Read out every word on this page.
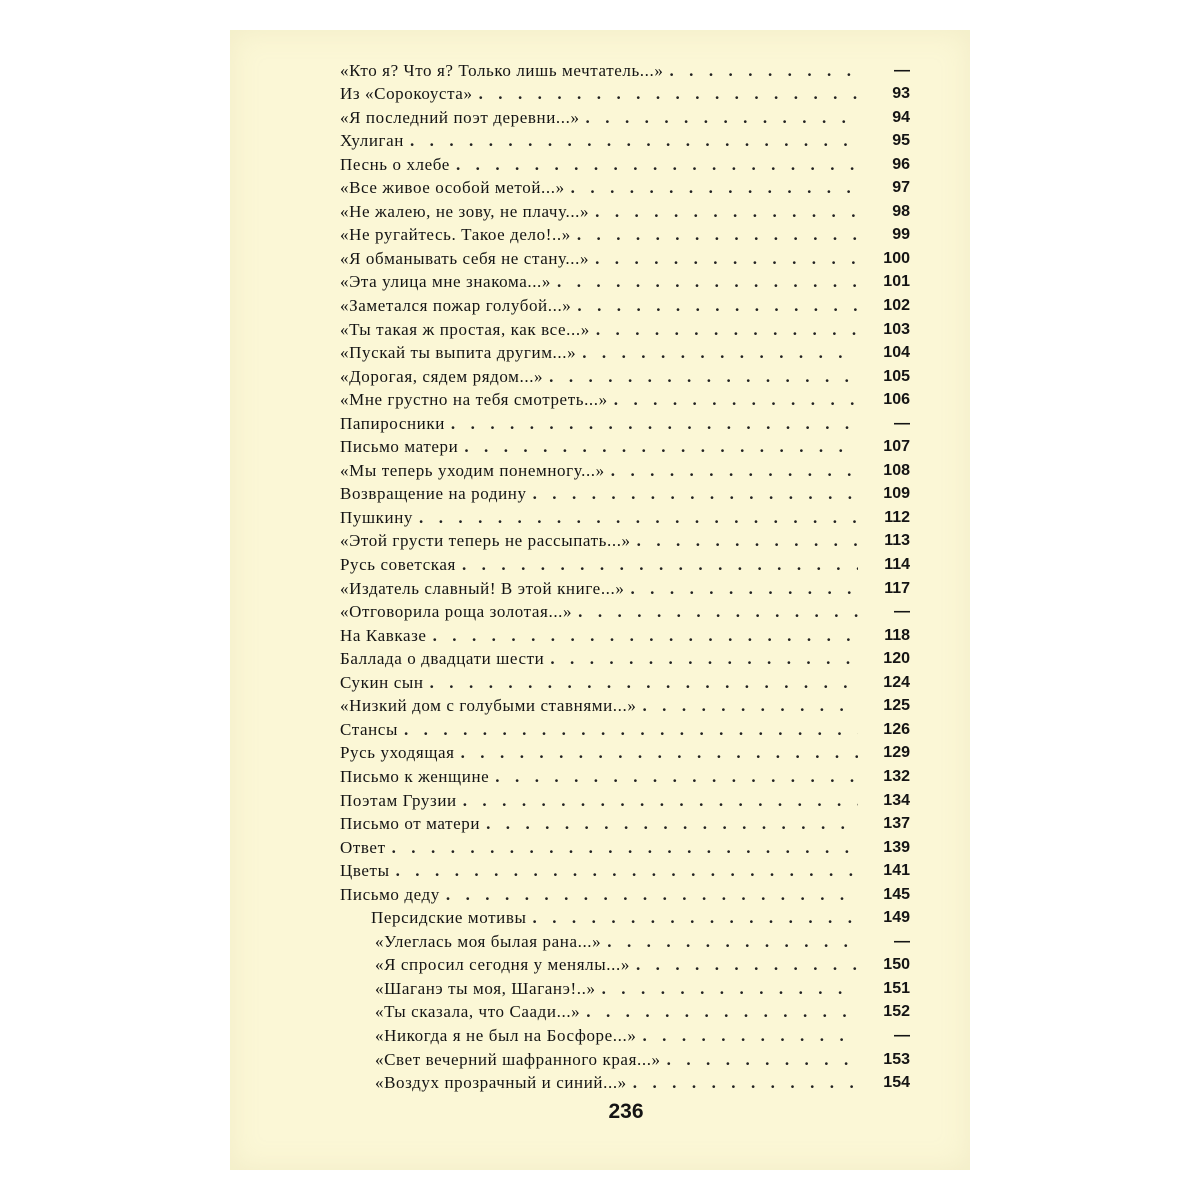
«Кто я? Что я? Только лишь мечтатель...» . . .	—
Из «Сорокоуста» . . .	93
«Я последний поэт деревни...» . . .	94
Хулиган . . .	95
Песнь о хлебе . . .	96
«Все живое особой метой...» . . .	97
«Не жалею, не зову, не плачу...» . . .	98
«Не ругайтесь. Такое дело!..» . . .	99
«Я обманывать себя не стану...» . . .	100
«Эта улица мне знакома...» . . .	101
«Заметался пожар голубой...» . . .	102
«Ты такая ж простая, как все...» . . .	103
«Пускай ты выпита другим...» . . .	104
«Дорогая, сядем рядом...» . . .	105
«Мне грустно на тебя смотреть...» . . .	106
Папиросники . . .	—
Письмо матери . . .	107
«Мы теперь уходим понемногу...» . . .	108
Возвращение на родину . . .	109
Пушкину . . .	112
«Этой грусти теперь не рассыпать...» . . .	113
Русь советская . . .	114
«Издатель славный! В этой книге...» . . .	117
«Отговорила роща золотая...» . . .	—
На Кавказе . . .	118
Баллада о двадцати шести . . .	120
Сукин сын . . .	124
«Низкий дом с голубыми ставнями...» . . .	125
Стансы . . .	126
Русь уходящая . . .	129
Письмо к женщине . . .	132
Поэтам Грузии . . .	134
Письмо от матери . . .	137
Ответ . . .	139
Цветы . . .	141
Письмо деду . . .	145
Персидские мотивы . . .	149
«Улеглась моя былая рана...» . . .	—
«Я спросил сегодня у менялы...» . . .	150
«Шаганэ ты моя, Шаганэ!..» . . .	151
«Ты сказала, что Саади...» . . .	152
«Никогда я не был на Босфоре...» . . .	—
«Свет вечерний шафранного края...» . . .	153
«Воздух прозрачный и синий...» . . .	154
236
